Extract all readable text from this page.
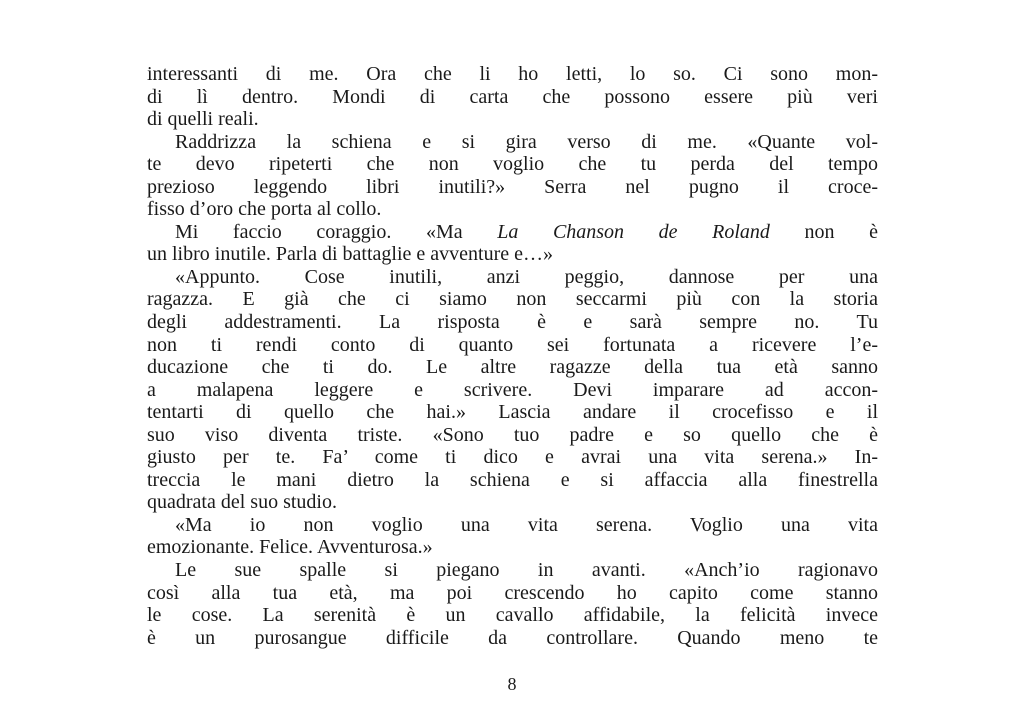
interessanti di me. Ora che li ho letti, lo so. Ci sono mon-
di lì dentro. Mondi di carta che possono essere più veri
di quelli reali.
Raddrizza la schiena e si gira verso di me. «Quante vol-
te devo ripeterti che non voglio che tu perda del tempo
prezioso leggendo libri inutili?» Serra nel pugno il croce-
fisso d’oro che porta al collo.
Mi faccio coraggio. «Ma La Chanson de Roland non è
un libro inutile. Parla di battaglie e avventure e…»
«Appunto. Cose inutili, anzi peggio, dannose per una
ragazza. E già che ci siamo non seccarmi più con la storia
degli addestramenti. La risposta è e sarà sempre no. Tu
non ti rendi conto di quanto sei fortunata a ricevere l’e-
ducazione che ti do. Le altre ragazze della tua età sanno
a malapena leggere e scrivere. Devi imparare ad accon-
tentarti di quello che hai.» Lascia andare il crocefisso e il
suo viso diventa triste. «Sono tuo padre e so quello che è
giusto per te. Fa’ come ti dico e avrai una vita serena.» In-
treccia le mani dietro la schiena e si affaccia alla finestrella
quadrata del suo studio.
«Ma io non voglio una vita serena. Voglio una vita
emozionante. Felice. Avventurosa.»
Le sue spalle si piegano in avanti. «Anch’io ragionavo
così alla tua età, ma poi crescendo ho capito come stanno
le cose. La serenità è un cavallo affidabile, la felicità invece
è un purosangue difficile da controllare. Quando meno te
8
